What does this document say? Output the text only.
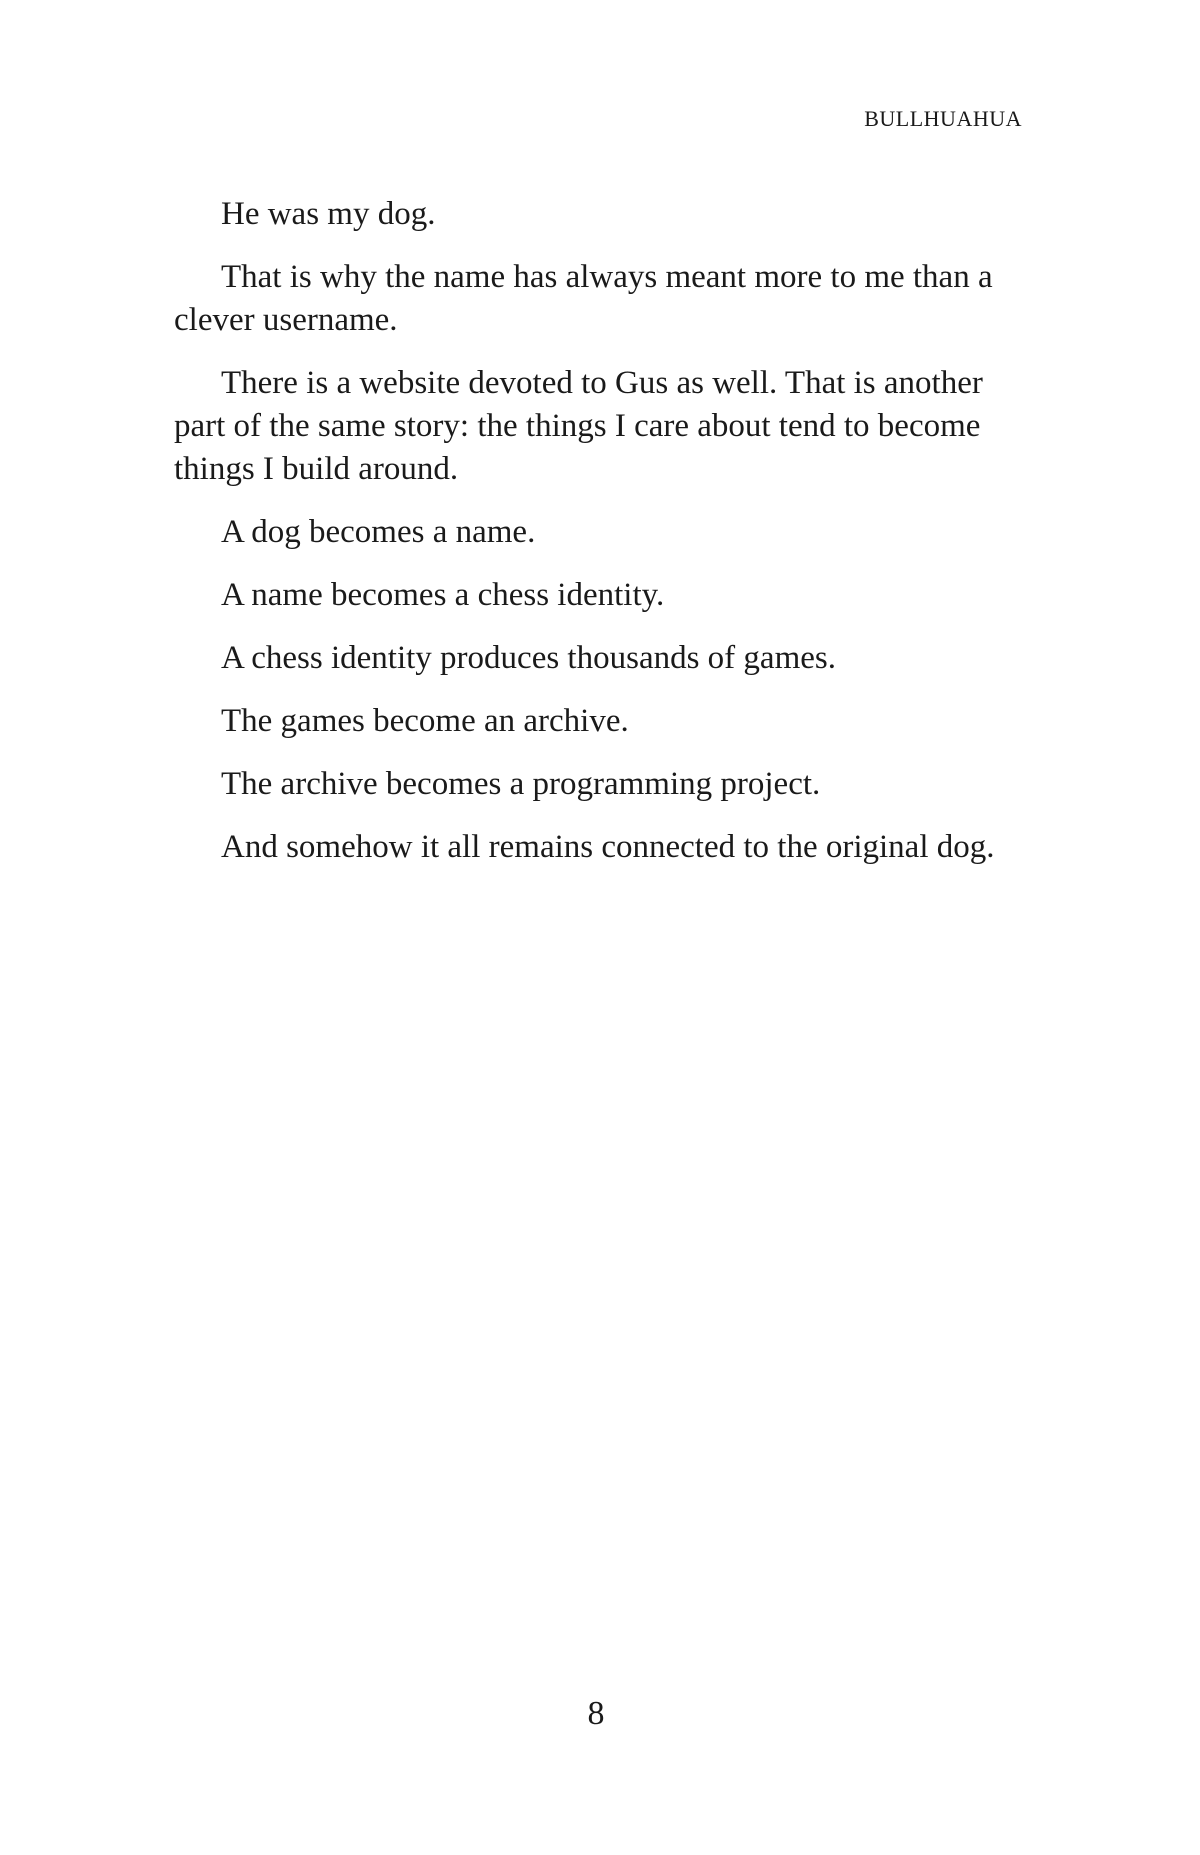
BULLHUAHUA

He was my dog.

That is why the name has always meant more to me than a clever username.

There is a website devoted to Gus as well. That is another part of the same story: the things I care about tend to become things I build around.

A dog becomes a name.

A name becomes a chess identity.

A chess identity produces thousands of games.

The games become an archive.

The archive becomes a programming project.

And somehow it all remains connected to the original dog.

8
